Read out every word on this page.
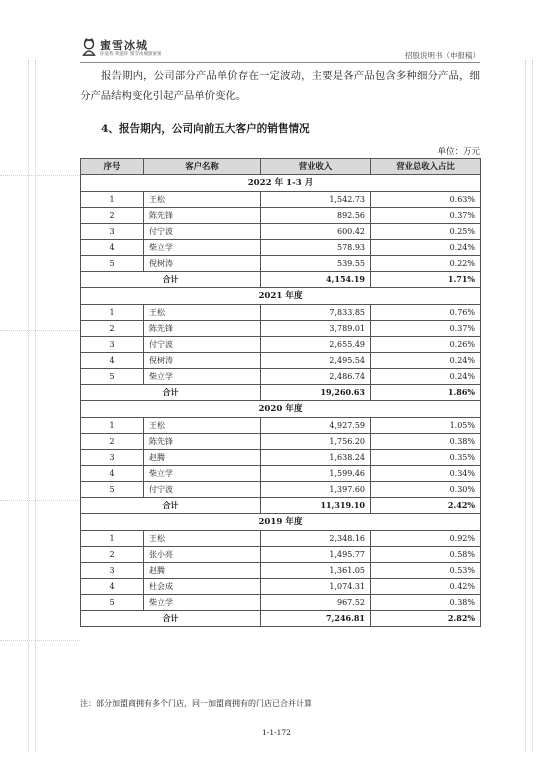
蜜雪冰城
你爱我 我爱你 蜜雪冰城甜蜜蜜	招股说明书（申报稿）

报告期内，公司部分产品单价存在一定波动，主要是各产品包含多种细分产品，细分产品结构变化引起产品单价变化。

4、报告期内，公司向前五大客户的销售情况
单位：万元
序号	客户名称	营业收入	营业总收入占比
2022 年 1-3 月			
1	王松	1,542.73	0.63%
2	陈先锋	892.56	0.37%
3	付宁波	600.42	0.25%
4	柴立学	578.93	0.24%
5	倪树涛	539.55	0.22%
合计		4,154.19	1.71%
2021 年度			
1	王松	7,833.85	0.76%
2	陈先锋	3,789.01	0.37%
3	付宁波	2,655.49	0.26%
4	倪树涛	2,495.54	0.24%
5	柴立学	2,486.74	0.24%
合计		19,260.63	1.86%
2020 年度			
1	王松	4,927.59	1.05%
2	陈先锋	1,756.20	0.38%
3	赵腾	1,638.24	0.35%
4	柴立学	1,599.46	0.34%
5	付宁波	1,397.60	0.30%
合计		11,319.10	2.42%
2019 年度			
1	王松	2,348.16	0.92%
2	张小亮	1,495.77	0.58%
3	赵腾	1,361.05	0.53%
4	杜会成	1,074.31	0.42%
5	柴立学	967.52	0.38%
合计		7,246.81	2.82%
注：部分加盟商拥有多个门店，同一加盟商拥有的门店已合并计算
1-1-172
